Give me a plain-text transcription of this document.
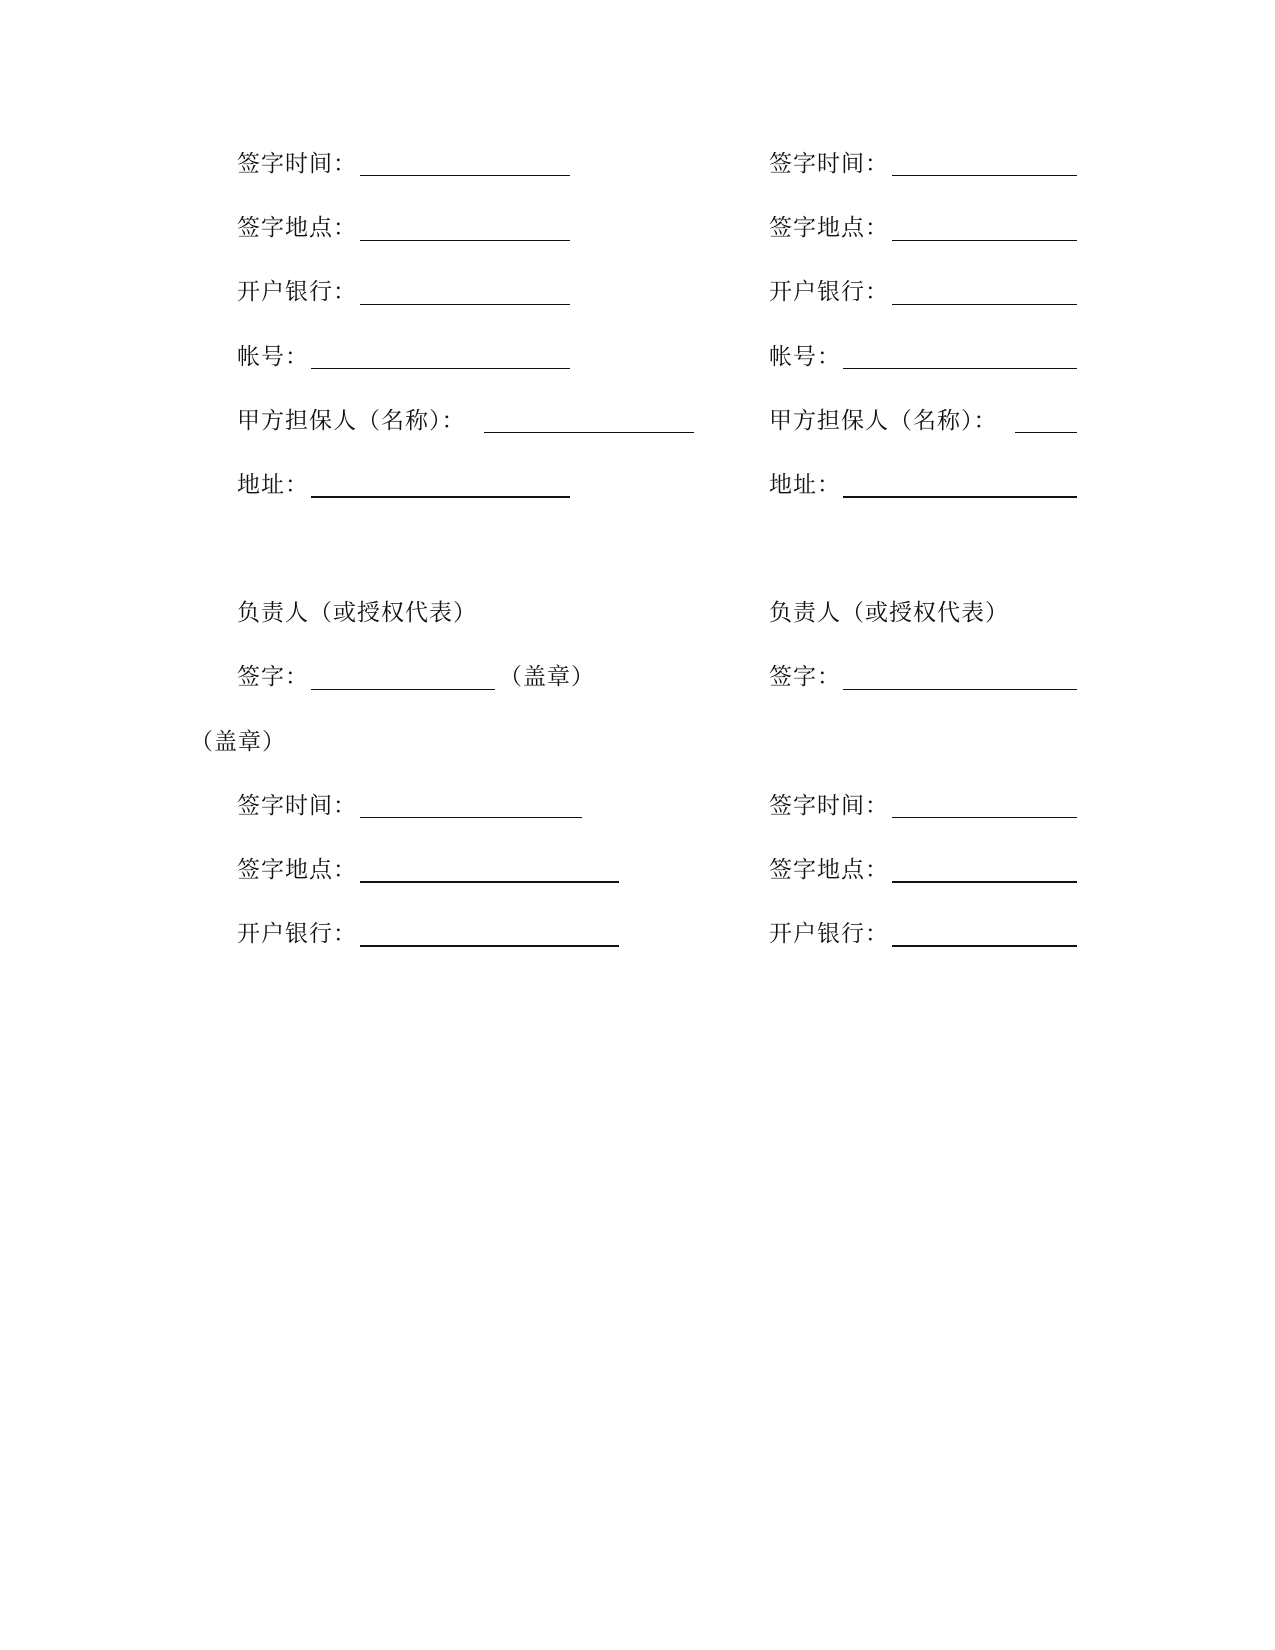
签字时间：
签字地点：
开户银行：
帐号：
甲方担保人（名称）：
地址：
负责人（或授权代表）
签字：	（盖章）
（盖章）
签字时间：
签字地点：
开户银行：
签字时间：
签字地点：
开户银行：
帐号：
甲方担保人（名称）：
地址：
负责人（或授权代表）
签字：
签字时间：
签字地点：
开户银行：
